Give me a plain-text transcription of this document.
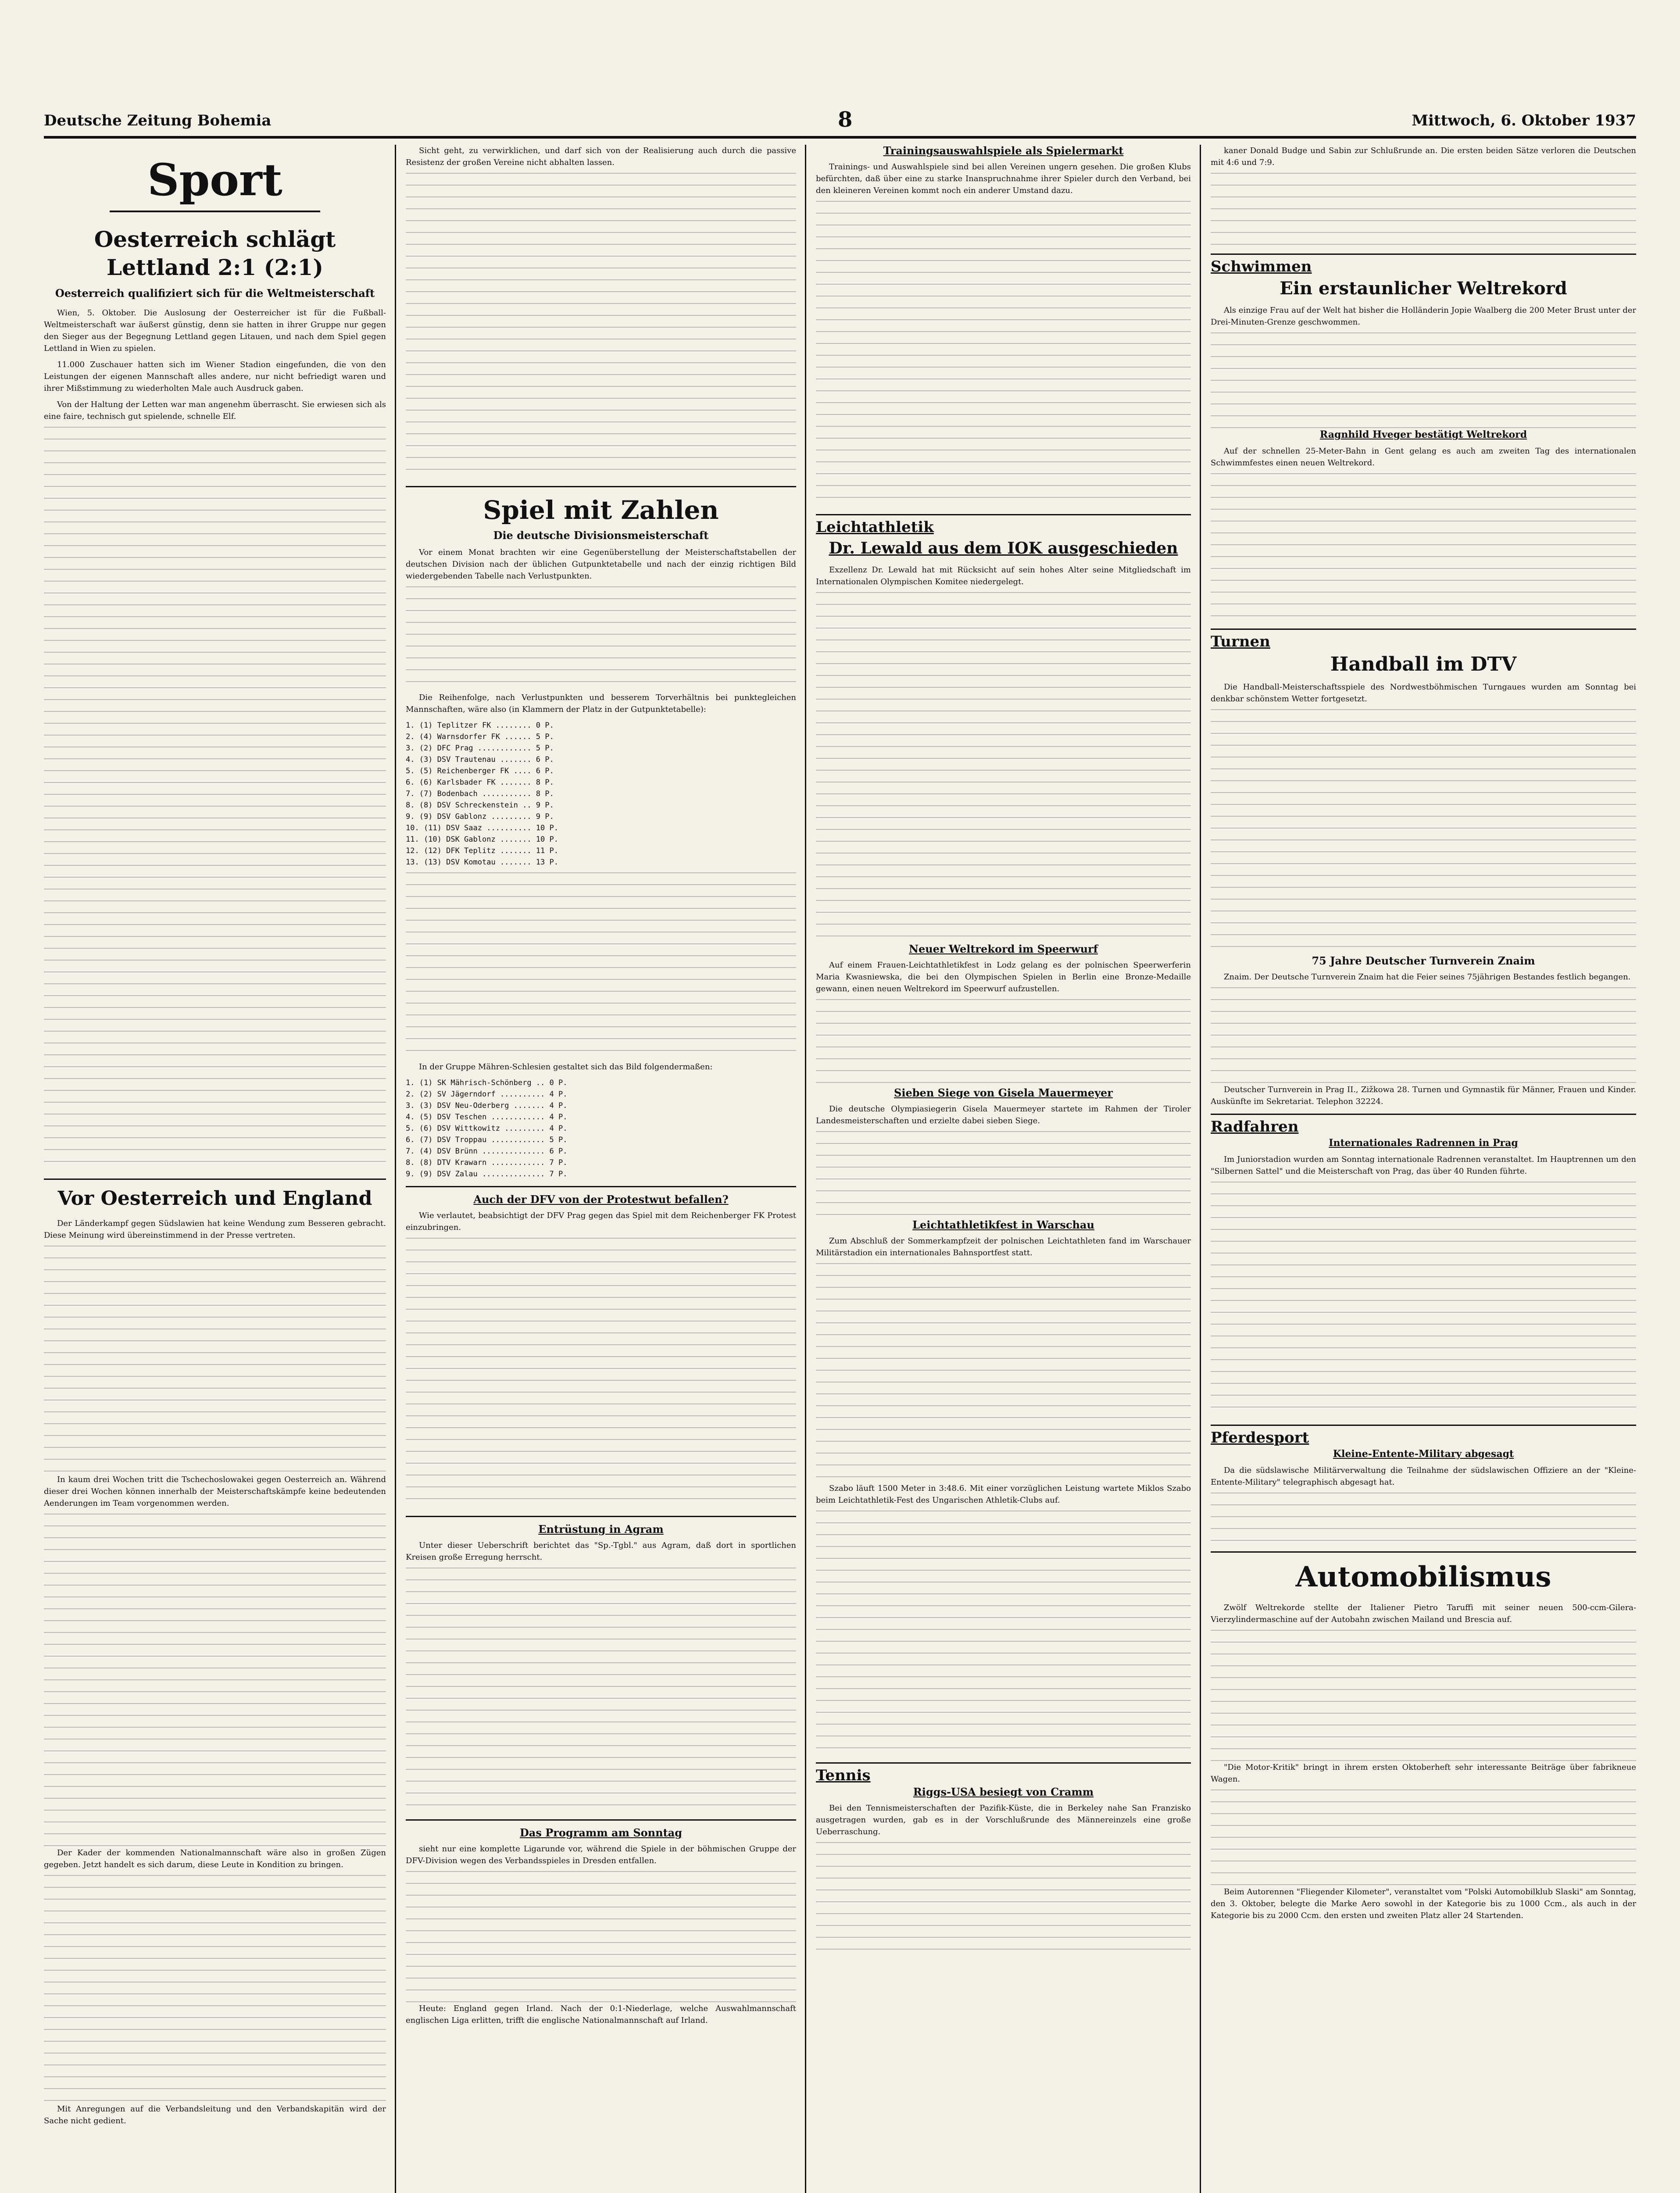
Deutsche Zeitung Bohemia	8	Mittwoch, 6. Oktober 1937
Sport
Oesterreich schlägt Lettland 2:1 (2:1)
Oesterreich qualifiziert sich für die Weltmeisterschaft

Wien, 5. Oktober. Die Auslosung der Oesterreicher ist für die Fußball-Weltmeisterschaft war äußerst günstig, denn sie hatten in ihrer Gruppe nur gegen den Sieger aus der Begegnung Lettland gegen Litauen, und nach dem Spiel gegen Lettland in Wien zu spielen.

11.000 Zuschauer hatten sich im Wiener Stadion eingefunden, die von den Leistungen der eigenen Mannschaft alles andere, nur nicht befriedigt waren und ihrer Mißstimmung zu wiederholten Male auch Ausdruck gaben.

Von der Haltung der Letten war man angenehm überrascht. Sie erwiesen sich als eine faire, technisch gut spielende, schnelle Elf.

Vor Oesterreich und England

Der Länderkampf gegen Südslawien hat keine Wendung zum Besseren gebracht. Diese Meinung wird übereinstimmend in der Presse vertreten.

In kaum drei Wochen tritt die Tschechoslowakei gegen Oesterreich an. Während dieser drei Wochen können innerhalb der Meisterschaftskämpfe keine bedeutenden Aenderungen im Team vorgenommen werden.

Der Kader der kommenden Nationalmannschaft wäre also in großen Zügen gegeben. Jetzt handelt es sich darum, diese Leute in Kondition zu bringen.

Mit Anregungen auf die Verbandsleitung und den Verbandskapitän wird der Sache nicht gedient.

Sicht geht, zu verwirklichen, und darf sich von der Realisierung auch durch die passive Resistenz der großen Vereine nicht abhalten lassen.

Spiel mit Zahlen
Die deutsche Divisionsmeisterschaft

Vor einem Monat brachten wir eine Gegenüberstellung der Meisterschaftstabellen der deutschen Division nach der üblichen Gutpunktetabelle und nach der einzig richtigen Bild wiedergebenden Tabelle nach Verlustpunkten.

Die Reihenfolge, nach Verlustpunkten und besserem Torverhältnis bei punktegleichen Mannschaften, wäre also (in Klammern der Platz in der Gutpunktetabelle):

1. (1) Teplitzer FK ........ 0 P.
2. (4) Warnsdorfer FK ...... 5 P.
3. (2) DFC Prag ............ 5 P.
4. (3) DSV Trautenau ....... 6 P.
5. (5) Reichenberger FK .... 6 P.
6. (6) Karlsbader FK ....... 8 P.
7. (7) Bodenbach ........... 8 P.
8. (8) DSV Schreckenstein .. 9 P.
9. (9) DSV Gablonz ......... 9 P.
10. (11) DSV Saaz .......... 10 P.
11. (10) DSK Gablonz ....... 10 P.
12. (12) DFK Teplitz ....... 11 P.
13. (13) DSV Komotau ....... 13 P.

In der Gruppe Mähren-Schlesien gestaltet sich das Bild folgendermaßen:

1. (1) SK Mährisch-Schönberg .. 0 P.
2. (2) SV Jägerndorf .......... 4 P.
3. (3) DSV Neu-Oderberg ....... 4 P.
4. (5) DSV Teschen ............ 4 P.
5. (6) DSV Wittkowitz ......... 4 P.
6. (7) DSV Troppau ............ 5 P.
7. (4) DSV Brünn .............. 6 P.
8. (8) DTV Krawarn ............ 7 P.
9. (9) DSV Zalau .............. 7 P.
Auch der DFV von der Protestwut befallen?

Wie verlautet, beabsichtigt der DFV Prag gegen das Spiel mit dem Reichenberger FK Protest einzubringen.

Entrüstung in Agram

Unter dieser Ueberschrift berichtet das "Sp.-Tgbl." aus Agram, daß dort in sportlichen Kreisen große Erregung herrscht.

Das Programm am Sonntag

sieht nur eine komplette Ligarunde vor, während die Spiele in der böhmischen Gruppe der DFV-Division wegen des Verbandsspieles in Dresden entfallen.

Heute: England gegen Irland. Nach der 0:1-Niederlage, welche Auswahlmannschaft englischen Liga erlitten, trifft die englische Nationalmannschaft auf Irland.

Trainingsauswahlspiele als Spielermarkt

Trainings- und Auswahlspiele sind bei allen Vereinen ungern gesehen. Die großen Klubs befürchten, daß über eine zu starke Inanspruchnahme ihrer Spieler durch den Verband, bei den kleineren Vereinen kommt noch ein anderer Umstand dazu.

Leichtathletik
Dr. Lewald aus dem IOK ausgeschieden

Exzellenz Dr. Lewald hat mit Rücksicht auf sein hohes Alter seine Mitgliedschaft im Internationalen Olympischen Komitee niedergelegt.

Neuer Weltrekord im Speerwurf

Auf einem Frauen-Leichtathletikfest in Lodz gelang es der polnischen Speerwerferin Maria Kwasniewska, die bei den Olympischen Spielen in Berlin eine Bronze-Medaille gewann, einen neuen Weltrekord im Speerwurf aufzustellen.

Sieben Siege von Gisela Mauermeyer

Die deutsche Olympiasiegerin Gisela Mauermeyer startete im Rahmen der Tiroler Landesmeisterschaften und erzielte dabei sieben Siege.

Leichtathletikfest in Warschau

Zum Abschluß der Sommerkampfzeit der polnischen Leichtathleten fand im Warschauer Militärstadion ein internationales Bahnsportfest statt.

Szabo läuft 1500 Meter in 3:48.6. Mit einer vorzüglichen Leistung wartete Miklos Szabo beim Leichtathletik-Fest des Ungarischen Athletik-Clubs auf.

Tennis
Riggs-USA besiegt von Cramm

Bei den Tennismeisterschaften der Pazifik-Küste, die in Berkeley nahe San Franzisko ausgetragen wurden, gab es in der Vorschlußrunde des Männereinzels eine große Ueberraschung.

kaner Donald Budge und Sabin zur Schlußrunde an. Die ersten beiden Sätze verloren die Deutschen mit 4:6 und 7:9.

Schwimmen
Ein erstaunlicher Weltrekord

Als einzige Frau auf der Welt hat bisher die Holländerin Jopie Waalberg die 200 Meter Brust unter der Drei-Minuten-Grenze geschwommen.

Ragnhild Hveger bestätigt Weltrekord

Auf der schnellen 25-Meter-Bahn in Gent gelang es auch am zweiten Tag des internationalen Schwimmfestes einen neuen Weltrekord.

Turnen
Handball im DTV

Die Handball-Meisterschaftsspiele des Nordwestböhmischen Turngaues wurden am Sonntag bei denkbar schönstem Wetter fortgesetzt.

75 Jahre Deutscher Turnverein Znaim

Znaim. Der Deutsche Turnverein Znaim hat die Feier seines 75jährigen Bestandes festlich begangen.

Deutscher Turnverein in Prag II., Zižkowa 28. Turnen und Gymnastik für Männer, Frauen und Kinder. Auskünfte im Sekretariat. Telephon 32224.

Radfahren
Internationales Radrennen in Prag

Im Juniorstadion wurden am Sonntag internationale Radrennen veranstaltet. Im Hauptrennen um den "Silbernen Sattel" und die Meisterschaft von Prag, das über 40 Runden führte.

Pferdesport
Kleine-Entente-Military abgesagt

Da die südslawische Militärverwaltung die Teilnahme der südslawischen Offiziere an der "Kleine-Entente-Military" telegraphisch abgesagt hat.

Automobilismus

Zwölf Weltrekorde stellte der Italiener Pietro Taruffi mit seiner neuen 500-ccm-Gilera-Vierzylindermaschine auf der Autobahn zwischen Mailand und Brescia auf.

"Die Motor-Kritik" bringt in ihrem ersten Oktoberheft sehr interessante Beiträge über fabrikneue Wagen.

Beim Autorennen "Fliegender Kilometer", veranstaltet vom "Polski Automobilklub Slaski" am Sonntag, den 3. Oktober, belegte die Marke Aero sowohl in der Kategorie bis zu 1000 Ccm., als auch in der Kategorie bis zu 2000 Ccm. den ersten und zweiten Platz aller 24 Startenden.
